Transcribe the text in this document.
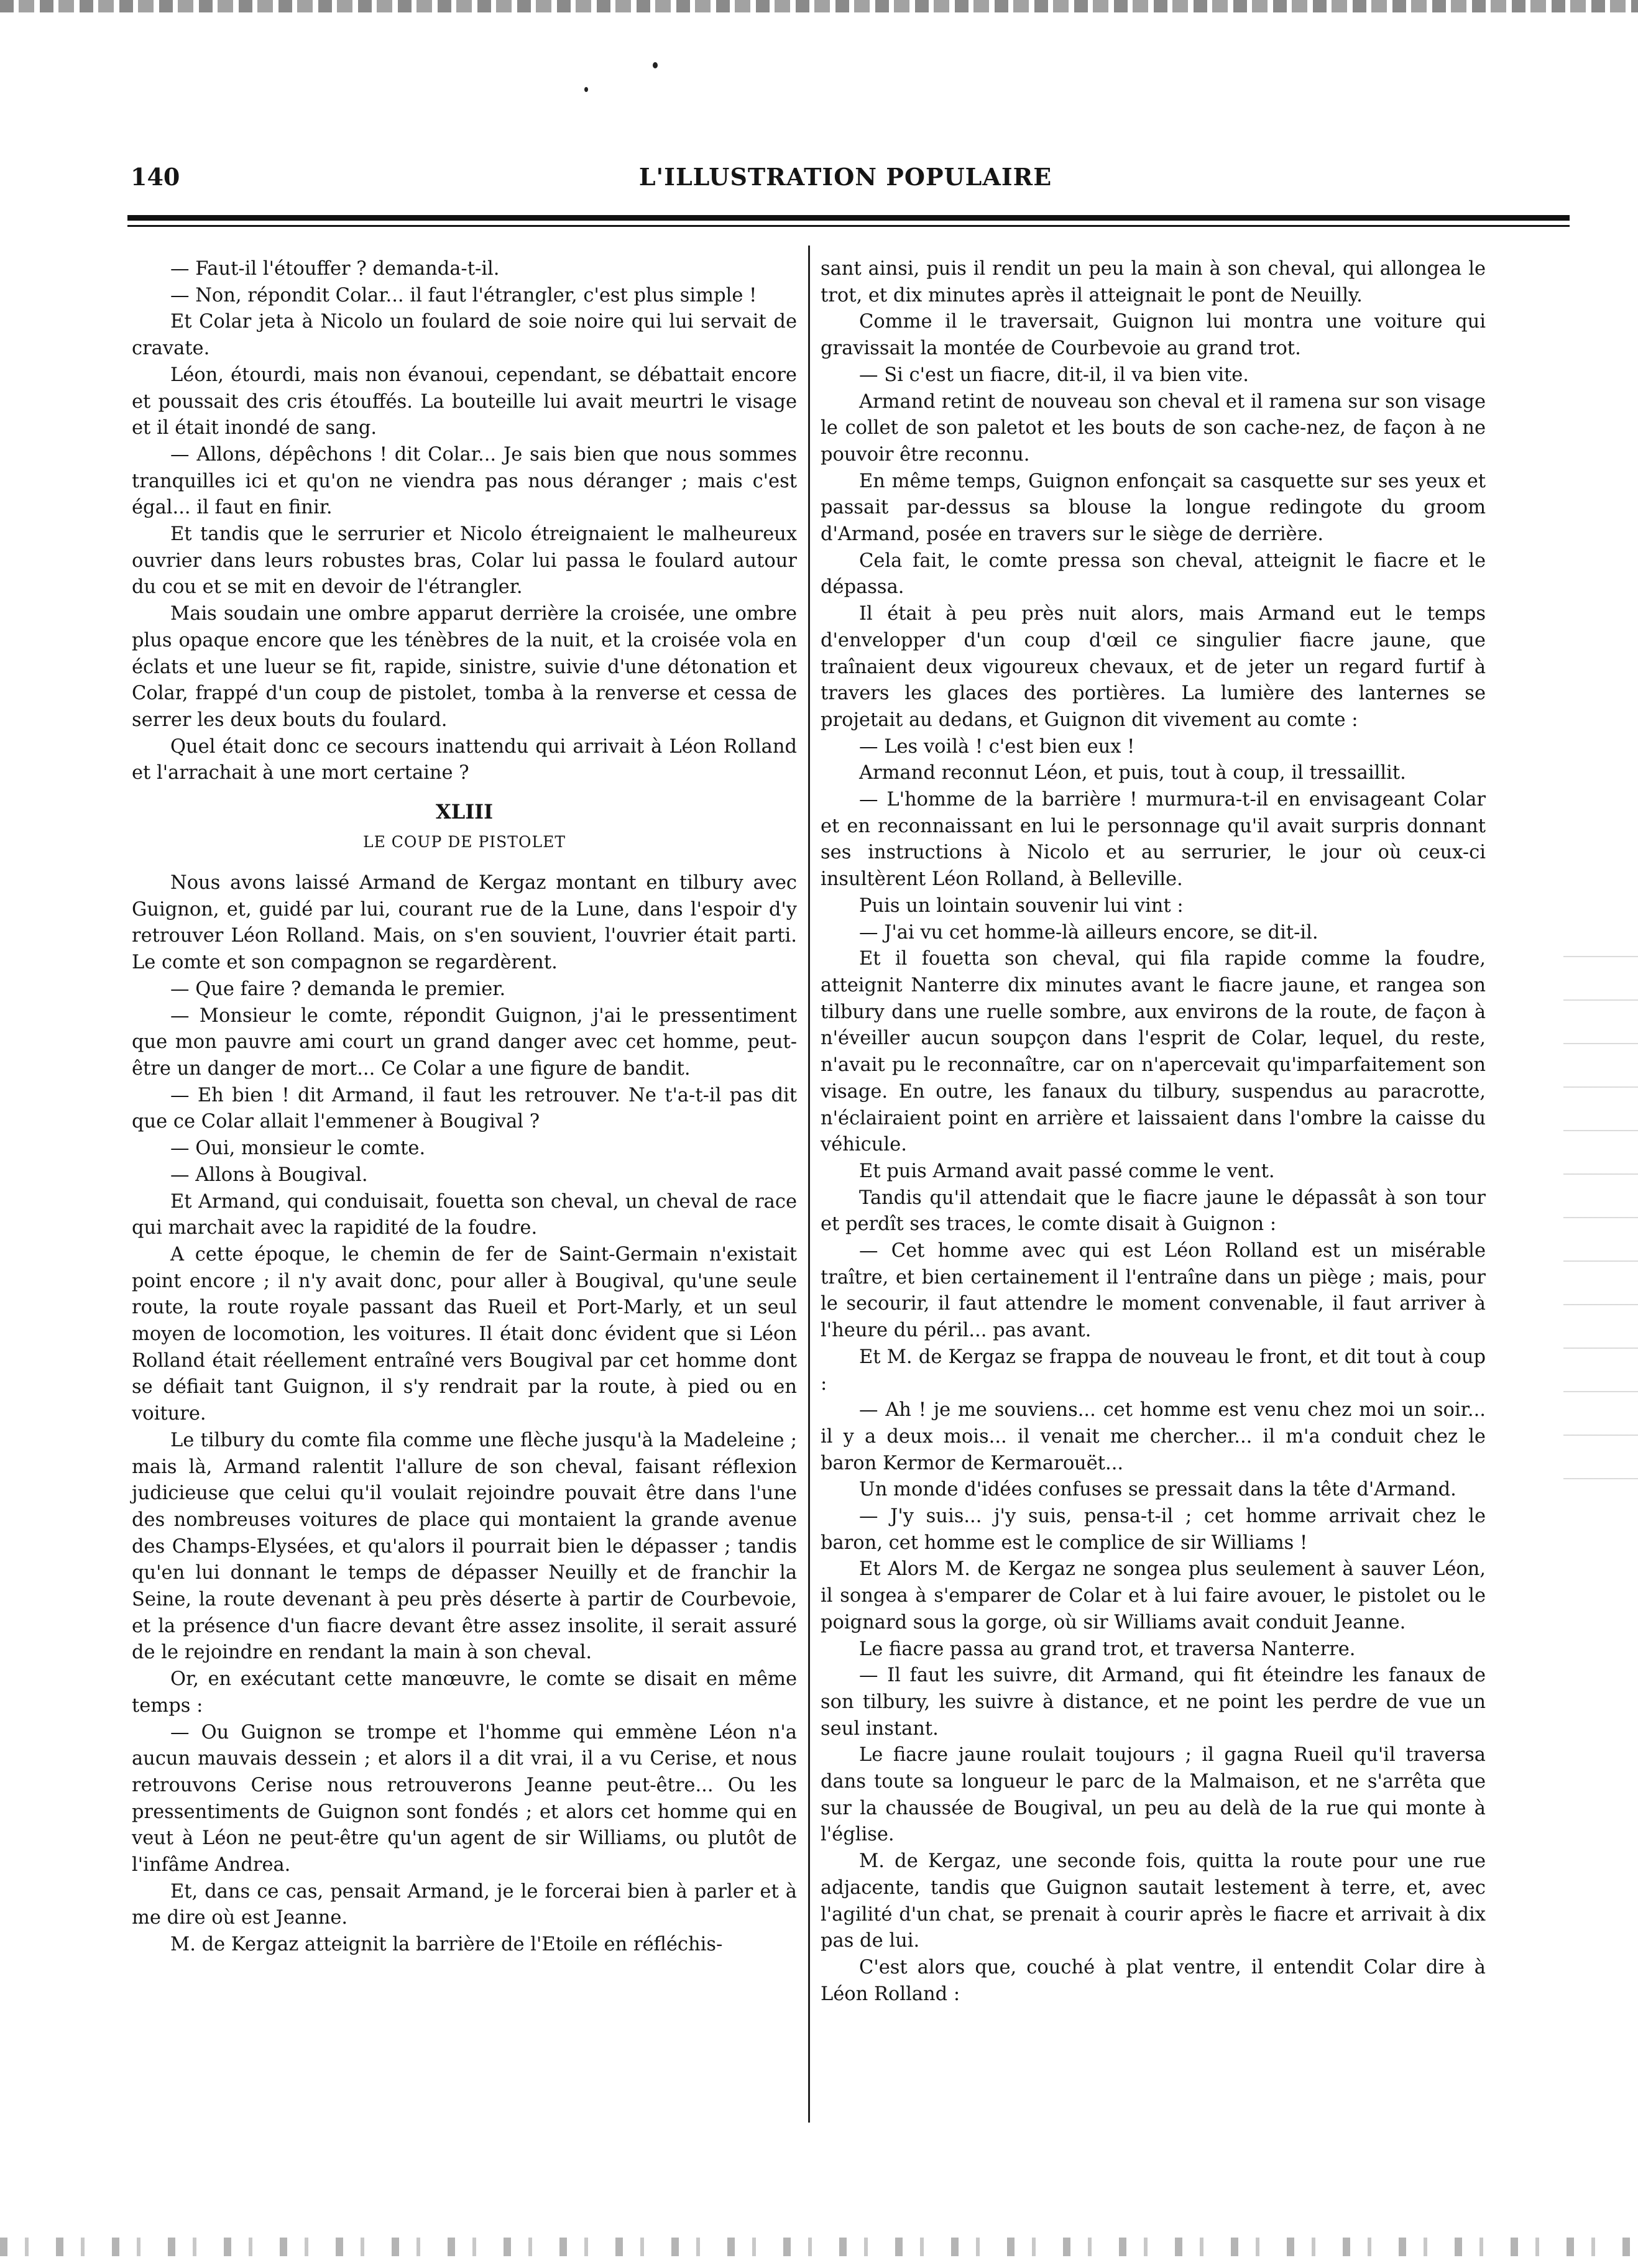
140	L'ILLUSTRATION POPULAIRE

— Faut-il l'étouffer ? demanda-t-il.

— Non, répondit Colar... il faut l'étrangler, c'est plus simple !

Et Colar jeta à Nicolo un foulard de soie noire qui lui servait de cravate.

Léon, étourdi, mais non évanoui, cependant, se débattait encore et poussait des cris étouffés. La bouteille lui avait meurtri le visage et il était inondé de sang.

— Allons, dépêchons ! dit Colar... Je sais bien que nous sommes tranquilles ici et qu'on ne viendra pas nous déranger ; mais c'est égal... il faut en finir.

Et tandis que le serrurier et Nicolo étreignaient le malheureux ouvrier dans leurs robustes bras, Colar lui passa le foulard autour du cou et se mit en devoir de l'étrangler.

Mais soudain une ombre apparut derrière la croisée, une ombre plus opaque encore que les ténèbres de la nuit, et la croisée vola en éclats et une lueur se fit, rapide, sinistre, suivie d'une détonation et Colar, frappé d'un coup de pistolet, tomba à la renverse et cessa de serrer les deux bouts du foulard.

Quel était donc ce secours inattendu qui arrivait à Léon Rolland et l'arrachait à une mort certaine ?

XLIII
LE COUP DE PISTOLET

Nous avons laissé Armand de Kergaz montant en tilbury avec Guignon, et, guidé par lui, courant rue de la Lune, dans l'espoir d'y retrouver Léon Rolland. Mais, on s'en souvient, l'ouvrier était parti. Le comte et son compagnon se regardèrent.

— Que faire ? demanda le premier.

— Monsieur le comte, répondit Guignon, j'ai le pressentiment que mon pauvre ami court un grand danger avec cet homme, peut-être un danger de mort... Ce Colar a une figure de bandit.

— Eh bien ! dit Armand, il faut les retrouver. Ne t'a-t-il pas dit que ce Colar allait l'emmener à Bougival ?

— Oui, monsieur le comte.

— Allons à Bougival.

Et Armand, qui conduisait, fouetta son cheval, un cheval de race qui marchait avec la rapidité de la foudre.

A cette époque, le chemin de fer de Saint-Germain n'existait point encore ; il n'y avait donc, pour aller à Bougival, qu'une seule route, la route royale passant das Rueil et Port-Marly, et un seul moyen de locomotion, les voitures. Il était donc évident que si Léon Rolland était réellement entraîné vers Bougival par cet homme dont se défiait tant Guignon, il s'y rendrait par la route, à pied ou en voiture.

Le tilbury du comte fila comme une flèche jusqu'à la Madeleine ; mais là, Armand ralentit l'allure de son cheval, faisant réflexion judicieuse que celui qu'il voulait rejoindre pouvait être dans l'une des nombreuses voitures de place qui montaient la grande avenue des Champs-Elysées, et qu'alors il pourrait bien le dépasser ; tandis qu'en lui donnant le temps de dépasser Neuilly et de franchir la Seine, la route devenant à peu près déserte à partir de Courbevoie, et la présence d'un fiacre devant être assez insolite, il serait assuré de le rejoindre en rendant la main à son cheval.

Or, en exécutant cette manœuvre, le comte se disait en même temps :

— Ou Guignon se trompe et l'homme qui emmène Léon n'a aucun mauvais dessein ; et alors il a dit vrai, il a vu Cerise, et nous retrouvons Cerise nous retrouverons Jeanne peut-être... Ou les pressentiments de Guignon sont fondés ; et alors cet homme qui en veut à Léon ne peut-être qu'un agent de sir Williams, ou plutôt de l'infâme Andrea.

Et, dans ce cas, pensait Armand, je le forcerai bien à parler et à me dire où est Jeanne.

M. de Kergaz atteignit la barrière de l'Etoile en réfléchis-

sant ainsi, puis il rendit un peu la main à son cheval, qui allongea le trot, et dix minutes après il atteignait le pont de Neuilly.

Comme il le traversait, Guignon lui montra une voiture qui gravissait la montée de Courbevoie au grand trot.

— Si c'est un fiacre, dit-il, il va bien vite.

Armand retint de nouveau son cheval et il ramena sur son visage le collet de son paletot et les bouts de son cache-nez, de façon à ne pouvoir être reconnu.

En même temps, Guignon enfonçait sa casquette sur ses yeux et passait par-dessus sa blouse la longue redingote du groom d'Armand, posée en travers sur le siège de derrière.

Cela fait, le comte pressa son cheval, atteignit le fiacre et le dépassa.

Il était à peu près nuit alors, mais Armand eut le temps d'envelopper d'un coup d'œil ce singulier fiacre jaune, que traînaient deux vigoureux chevaux, et de jeter un regard furtif à travers les glaces des portières. La lumière des lanternes se projetait au dedans, et Guignon dit vivement au comte :

— Les voilà ! c'est bien eux !

Armand reconnut Léon, et puis, tout à coup, il tressaillit.

— L'homme de la barrière ! murmura-t-il en envisageant Colar et en reconnaissant en lui le personnage qu'il avait surpris donnant ses instructions à Nicolo et au serrurier, le jour où ceux-ci insultèrent Léon Rolland, à Belleville.

Puis un lointain souvenir lui vint :

— J'ai vu cet homme-là ailleurs encore, se dit-il.

Et il fouetta son cheval, qui fila rapide comme la foudre, atteignit Nanterre dix minutes avant le fiacre jaune, et rangea son tilbury dans une ruelle sombre, aux environs de la route, de façon à n'éveiller aucun soupçon dans l'esprit de Colar, lequel, du reste, n'avait pu le reconnaître, car on n'apercevait qu'imparfaitement son visage. En outre, les fanaux du tilbury, suspendus au paracrotte, n'éclairaient point en arrière et laissaient dans l'ombre la caisse du véhicule.

Et puis Armand avait passé comme le vent.

Tandis qu'il attendait que le fiacre jaune le dépassât à son tour et perdît ses traces, le comte disait à Guignon :

— Cet homme avec qui est Léon Rolland est un misérable traître, et bien certainement il l'entraîne dans un piège ; mais, pour le secourir, il faut attendre le moment convenable, il faut arriver à l'heure du péril... pas avant.

Et M. de Kergaz se frappa de nouveau le front, et dit tout à coup :

— Ah ! je me souviens... cet homme est venu chez moi un soir... il y a deux mois... il venait me chercher... il m'a conduit chez le baron Kermor de Kermarouët...

Un monde d'idées confuses se pressait dans la tête d'Armand.

— J'y suis... j'y suis, pensa-t-il ; cet homme arrivait chez le baron, cet homme est le complice de sir Williams !

Et Alors M. de Kergaz ne songea plus seulement à sauver Léon, il songea à s'emparer de Colar et à lui faire avouer, le pistolet ou le poignard sous la gorge, où sir Williams avait conduit Jeanne.

Le fiacre passa au grand trot, et traversa Nanterre.

— Il faut les suivre, dit Armand, qui fit éteindre les fanaux de son tilbury, les suivre à distance, et ne point les perdre de vue un seul instant.

Le fiacre jaune roulait toujours ; il gagna Rueil qu'il traversa dans toute sa longueur le parc de la Malmaison, et ne s'arrêta que sur la chaussée de Bougival, un peu au delà de la rue qui monte à l'église.

M. de Kergaz, une seconde fois, quitta la route pour une rue adjacente, tandis que Guignon sautait lestement à terre, et, avec l'agilité d'un chat, se prenait à courir après le fiacre et arrivait à dix pas de lui.

C'est alors que, couché à plat ventre, il entendit Colar dire à Léon Rolland :
